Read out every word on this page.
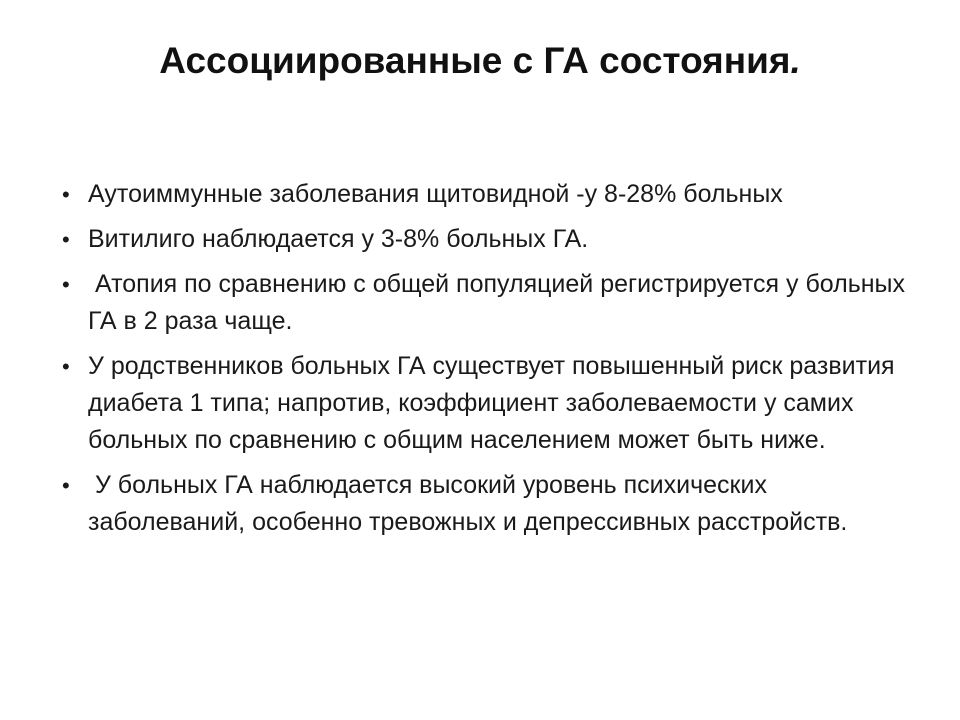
Ассоциированные с ГА состояния.
• Аутоиммунные заболевания щитовидной -у 8-28% больных
• Витилиго наблюдается у 3-8% больных ГА.
• Атопия по сравнению с общей популяцией регистрируется у больных ГА в 2 раза чаще.
• У родственников больных ГА существует повышенный риск развития диабета 1 типа; напротив, коэффициент заболеваемости у самих больных по сравнению с общим населением может быть ниже.
• У больных ГА наблюдается высокий уровень психических заболеваний, особенно тревожных и депрессивных расстройств.
